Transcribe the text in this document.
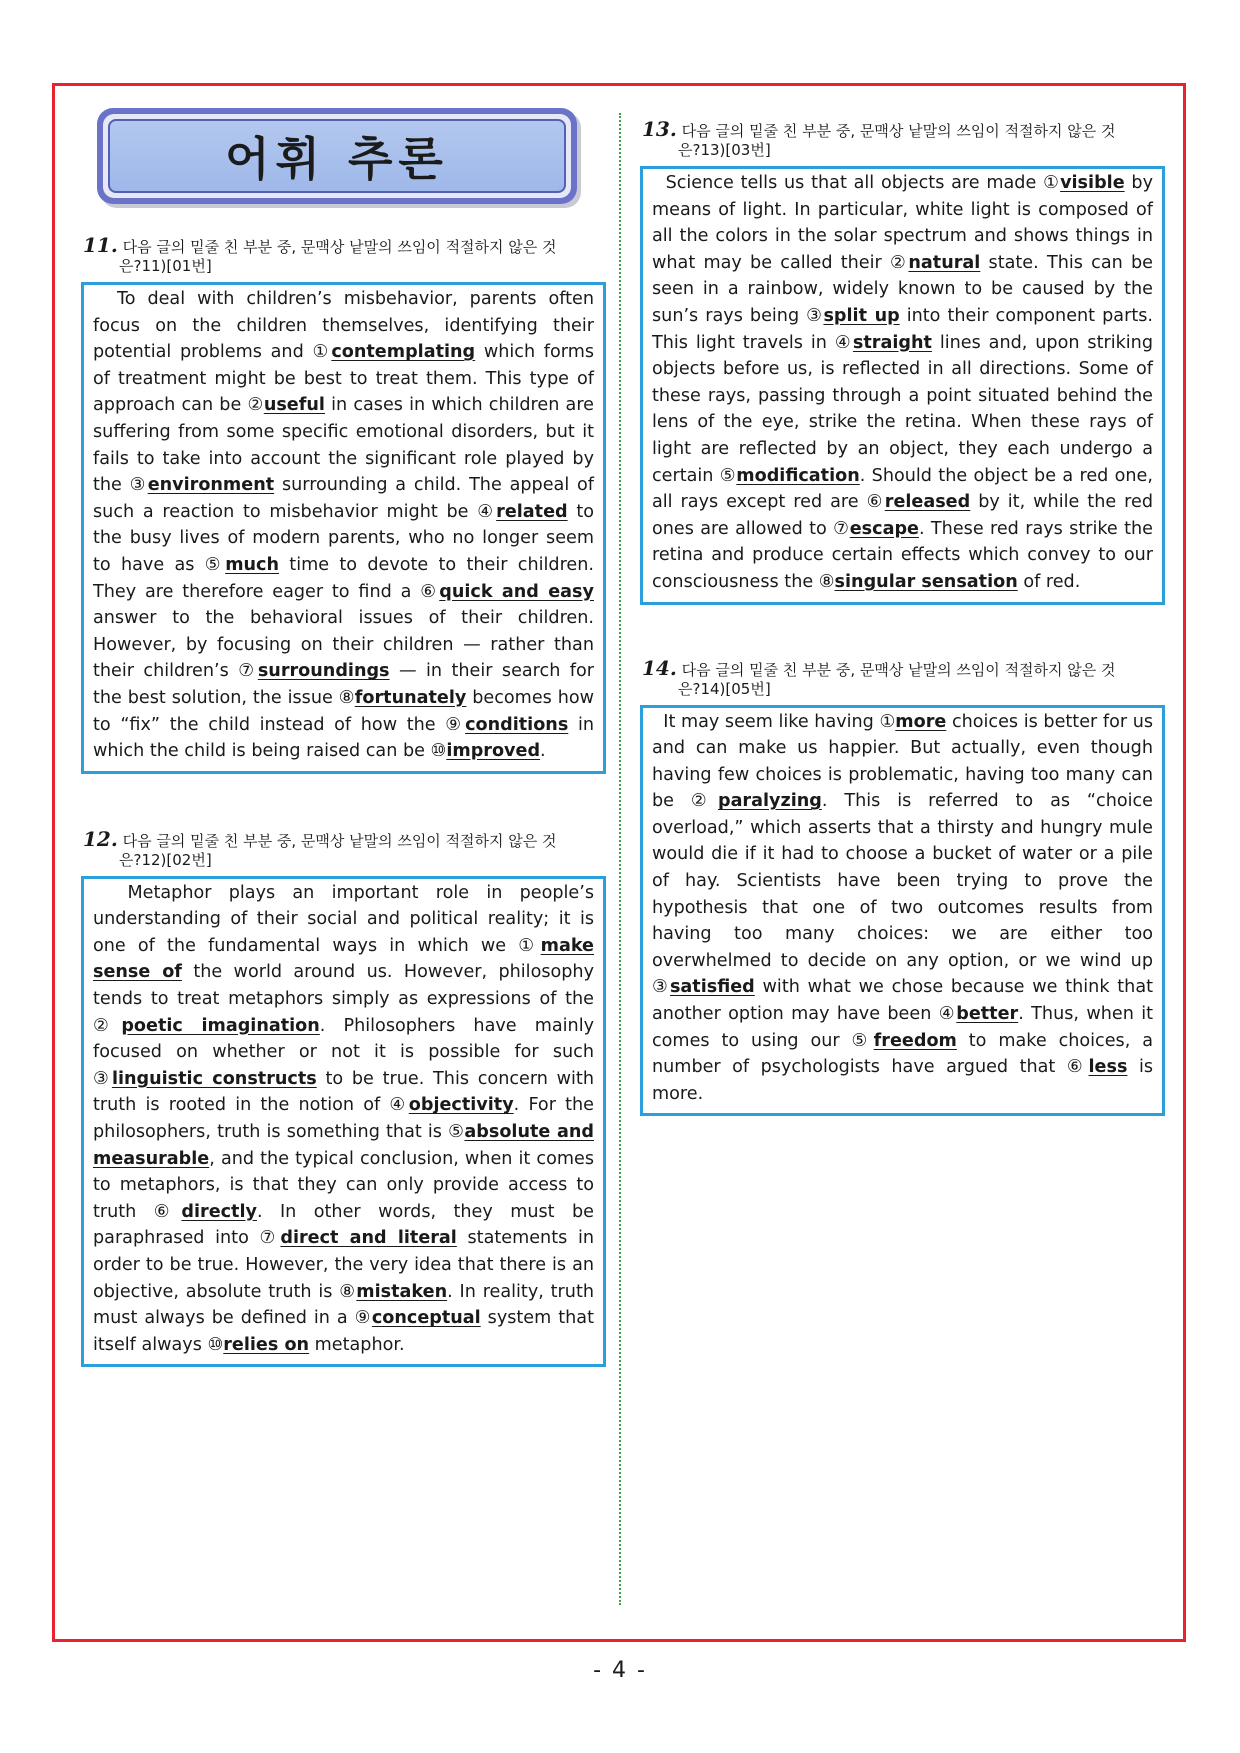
어휘 추론
11. 다음 글의 밑줄 친 부분 중, 문맥상 낱말의 쓰임이 적절하지 않은 것
은?11)[01번]
To deal with children’s misbehavior, parents often focus on the children themselves, identifying their potential problems and ①contemplating which forms of treatment might be best to treat them. This type of approach can be ②useful in cases in which children are suffering from some specific emotional disorders, but it fails to take into account the significant role played by the ③environment surrounding a child. The appeal of such a reaction to misbehavior might be ④related to the busy lives of modern parents, who no longer seem to have as ⑤much time to devote to their children. They are therefore eager to find a ⑥quick and easy answer to the behavioral issues of their children. However, by focusing on their children — rather than their children’s ⑦surroundings — in their search for the best solution, the issue ⑧fortunately becomes how to “fix” the child instead of how the ⑨conditions in which the child is being raised can be ⑩improved.
12. 다음 글의 밑줄 친 부분 중, 문맥상 낱말의 쓰임이 적절하지 않은 것
은?12)[02번]
Metaphor plays an important role in people’s understanding of their social and political reality; it is one of the fundamental ways in which we ①make sense of the world around us. However, philosophy tends to treat metaphors simply as expressions of the ②poetic imagination. Philosophers have mainly focused on whether or not it is possible for such ③linguistic constructs to be true. This concern with truth is rooted in the notion of ④objectivity. For the philosophers, truth is something that is ⑤absolute and measurable, and the typical conclusion, when it comes to metaphors, is that they can only provide access to truth ⑥directly. In other words, they must be paraphrased into ⑦direct and literal statements in order to be true. However, the very idea that there is an objective, absolute truth is ⑧mistaken. In reality, truth must always be defined in a ⑨conceptual system that itself always ⑩relies on metaphor.
13. 다음 글의 밑줄 친 부분 중, 문맥상 낱말의 쓰임이 적절하지 않은 것
은?13)[03번]
Science tells us that all objects are made ①visible by means of light. In particular, white light is composed of all the colors in the solar spectrum and shows things in what may be called their ②natural state. This can be seen in a rainbow, widely known to be caused by the sun’s rays being ③split up into their component parts. This light travels in ④straight lines and, upon striking objects before us, is reflected in all directions. Some of these rays, passing through a point situated behind the lens of the eye, strike the retina. When these rays of light are reflected by an object, they each undergo a certain ⑤modification. Should the object be a red one, all rays except red are ⑥released by it, while the red ones are allowed to ⑦escape. These red rays strike the retina and produce certain effects which convey to our consciousness the ⑧singular sensation of red.
14. 다음 글의 밑줄 친 부분 중, 문맥상 낱말의 쓰임이 적절하지 않은 것
은?14)[05번]
It may seem like having ①more choices is better for us and can make us happier. But actually, even though having few choices is problematic, having too many can be ②paralyzing. This is referred to as “choice overload,” which asserts that a thirsty and hungry mule would die if it had to choose a bucket of water or a pile of hay. Scientists have been trying to prove the hypothesis that one of two outcomes results from having too many choices: we are either too overwhelmed to decide on any option, or we wind up ③satisfied with what we chose because we think that another option may have been ④better. Thus, when it comes to using our ⑤freedom to make choices, a number of psychologists have argued that ⑥less is more.
- 4 -
